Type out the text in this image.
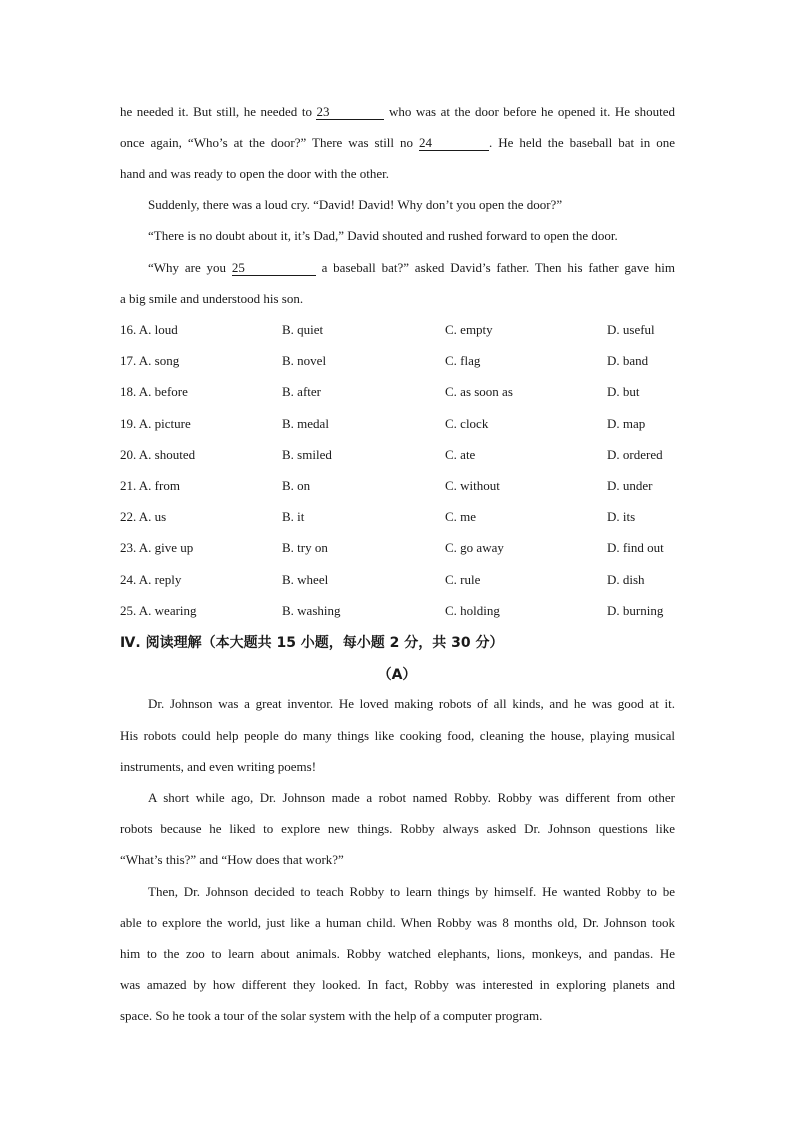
he needed it. But still, he needed to 23	who was at the door before he opened it. He shouted
once again, “Who’s at the door?” There was still no 24	. He held the baseball bat in one
hand and was ready to open the door with the other.
Suddenly, there was a loud cry. “David! David! Why don’t you open the door?”
“There is no doubt about it, it’s Dad,” David shouted and rushed forward to open the door.
“Why are you 25	a baseball bat?” asked David’s father. Then his father gave him
a big smile and understood his son.
16. A. loud	B. quiet	C. empty	D. useful
17. A. song	B. novel	C. flag	D. band
18. A. before	B. after	C. as soon as	D. but
19. A. picture	B. medal	C. clock	D. map
20. A. shouted	B. smiled	C. ate	D. ordered
21. A. from	B. on	C. without	D. under
22. A. us	B. it	C. me	D. its
23. A. give up	B. try on	C. go away	D. find out
24. A. reply	B. wheel	C. rule	D. dish
25. A. wearing	B. washing	C. holding	D. burning
Ⅳ. 阅读理解（本大题共 15 小题，每小题 2 分，共 30 分）
（A）
Dr. Johnson was a great inventor. He loved making robots of all kinds, and he was good at it.
His robots could help people do many things like cooking food, cleaning the house, playing musical
instruments, and even writing poems!
A short while ago, Dr. Johnson made a robot named Robby. Robby was different from other
robots because he liked to explore new things. Robby always asked Dr. Johnson questions like
“What’s this?” and “How does that work?”
Then, Dr. Johnson decided to teach Robby to learn things by himself. He wanted Robby to be
able to explore the world, just like a human child. When Robby was 8 months old, Dr. Johnson took
him to the zoo to learn about animals. Robby watched elephants, lions, monkeys, and pandas. He
was amazed by how different they looked. In fact, Robby was interested in exploring planets and
space. So he took a tour of the solar system with the help of a computer program.
